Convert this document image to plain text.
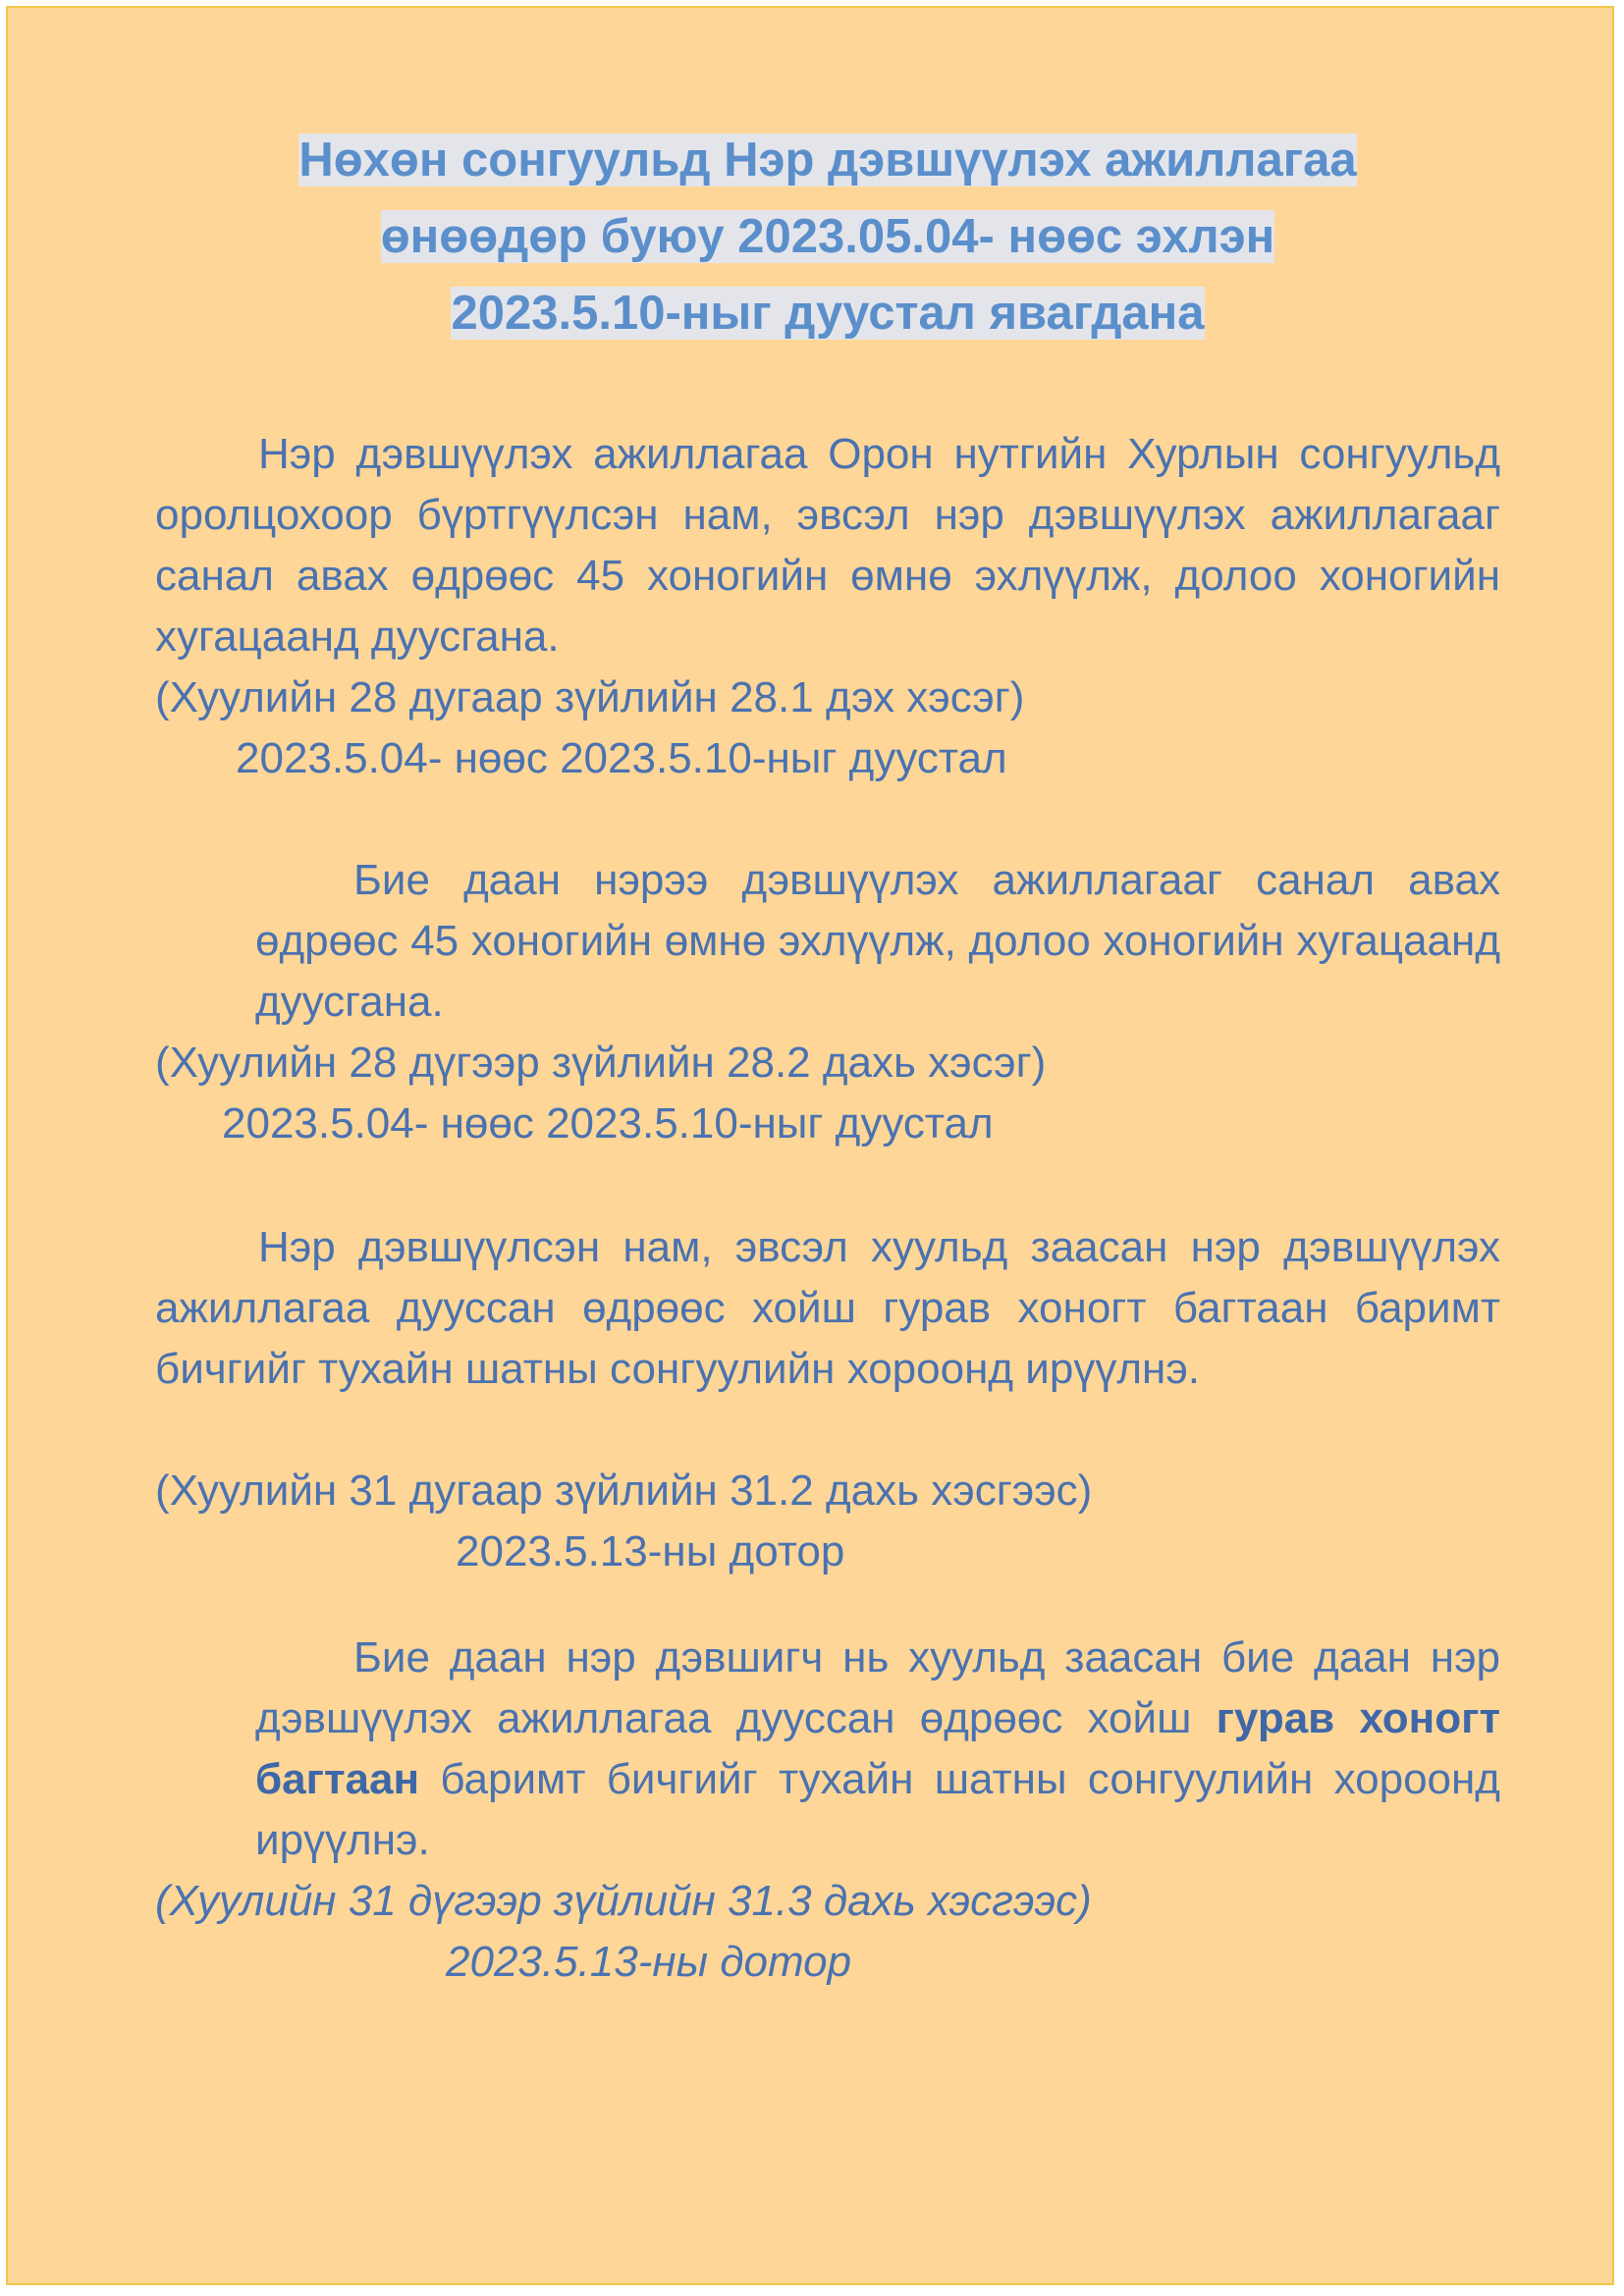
Нөхөн сонгуульд Нэр дэвшүүлэх ажиллагаа
өнөөдөр буюу 2023.05.04- нөөс эхлэн
2023.5.10-ныг дуустал явагдана

Нэр дэвшүүлэх ажиллагаа Орон нутгийн Хурлын сонгуульд оролцохоор бүртгүүлсэн нам, эвсэл нэр дэвшүүлэх ажиллагааг санал авах өдрөөс 45 хоногийн өмнө эхлүүлж, долоо хоногийн хугацаанд дуусгана.

(Хуулийн 28 дугаар зүйлийн 28.1 дэх хэсэг)

2023.5.04- нөөс 2023.5.10-ныг дуустал

Бие даан нэрээ дэвшүүлэх ажиллагааг санал авах өдрөөс 45 хоногийн өмнө эхлүүлж, долоо хоногийн хугацаанд дуусгана.

(Хуулийн 28 дүгээр зүйлийн 28.2 дахь хэсэг)

2023.5.04- нөөс 2023.5.10-ныг дуустал

Нэр дэвшүүлсэн нам, эвсэл хуульд заасан нэр дэвшүүлэх ажиллагаа дууссан өдрөөс хойш гурав хоногт багтаан баримт бичгийг тухайн шатны сонгуулийн хороонд ирүүлнэ.

(Хуулийн 31 дугаар зүйлийн 31.2 дахь хэсгээс)

2023.5.13-ны дотор

Бие даан нэр дэвшигч нь хуульд заасан бие даан нэр дэвшүүлэх ажиллагаа дууссан өдрөөс хойш гурав хоногт багтаан баримт бичгийг тухайн шатны сонгуулийн хороонд ирүүлнэ.

(Хуулийн 31 дүгээр зүйлийн 31.3 дахь хэсгээс)

2023.5.13-ны дотор
